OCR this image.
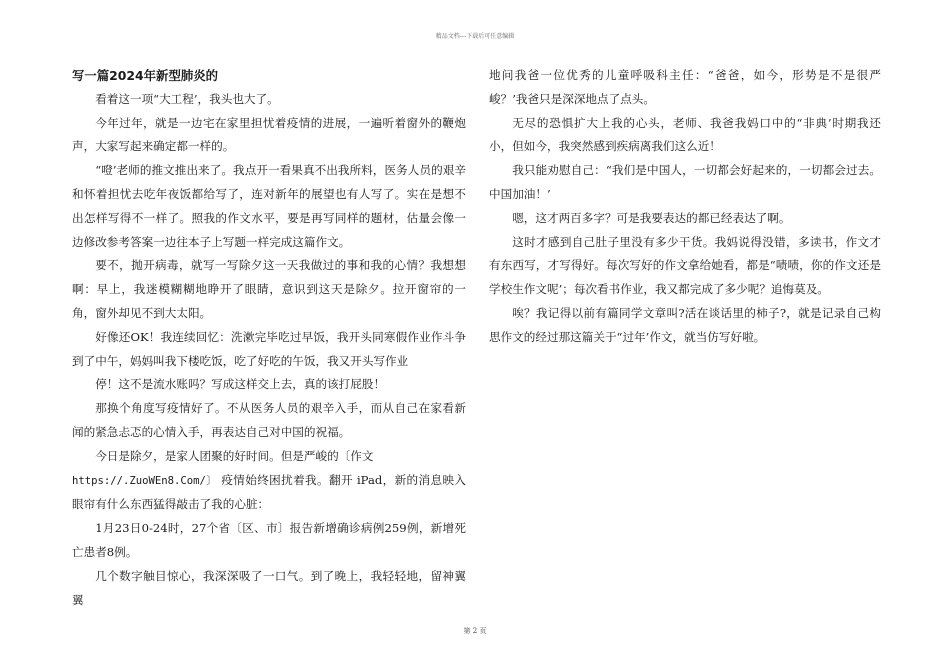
精品文档---下载后可任意编辑
写一篇2024年新型肺炎的

看着这一项“大工程’，我头也大了。

今年过年，就是一边宅在家里担忧着疫情的进展，一遍听着窗外的鞭炮声，大家写起来确定都一样的。

“噔’老师的推文推出来了。我点开一看果真不出我所料，医务人员的艰辛和怀着担忧去吃年夜饭都给写了，连对新年的展望也有人写了。实在是想不出怎样写得不一样了。照我的作文水平，要是再写同样的题材，估量会像一边修改参考答案一边往本子上写题一样完成这篇作文。

要不，抛开病毒，就写一写除夕这一天我做过的事和我的心情？我想想啊：早上，我迷模糊糊地睁开了眼睛，意识到这天是除夕。拉开窗帘的一角，窗外却见不到大太阳。

好像还OK！我连续回忆：洗漱完毕吃过早饭，我开头同寒假作业作斗争到了中午，妈妈叫我下楼吃饭，吃了好吃的午饭，我又开头写作业

停！这不是流水账吗？写成这样交上去，真的该打屁股！

那换个角度写疫情好了。不从医务人员的艰辛入手，而从自己在家看新闻的紧急忐忑的心情入手，再表达自己对中国的祝福。

今日是除夕，是家人团聚的好时间。但是严峻的〔作文

https://.ZuoWEn8.Com/〕 疫情始终困扰着我。翻开 iPad，新的消息映入眼帘有什么东西猛得敲击了我的心脏：

1月23日0-24时，27个省〔区、市〕报告新增确诊病例259例，新增死亡患者8例。

几个数字触目惊心，我深深吸了一口气。到了晚上，我轻轻地，留神翼翼

地问我爸一位优秀的儿童呼吸科主任：“爸爸，如今，形势是不是很严峻？’我爸只是深深地点了点头。

无尽的恐惧扩大上我的心头，老师、我爸我妈口中的“非典’时期我还小，但如今，我突然感到疾病离我们这么近！

我只能劝慰自己：“我们是中国人，一切都会好起来的，一切都会过去。中国加油！’

嗯，这才两百多字？可是我要表达的都已经表达了啊。

这时才感到自己肚子里没有多少干货。我妈说得没错，多读书，作文才有东西写，才写得好。每次写好的作文拿给她看，都是“啧啧，你的作文还是学校生作文呢’；每次看书作业，我又都完成了多少呢？追悔莫及。

唉？我记得以前有篇同学文章叫?活在谈话里的柿子?，就是记录自己构思作文的经过那这篇关于“过年’作文，就当仿写好啦。

第 2 页
